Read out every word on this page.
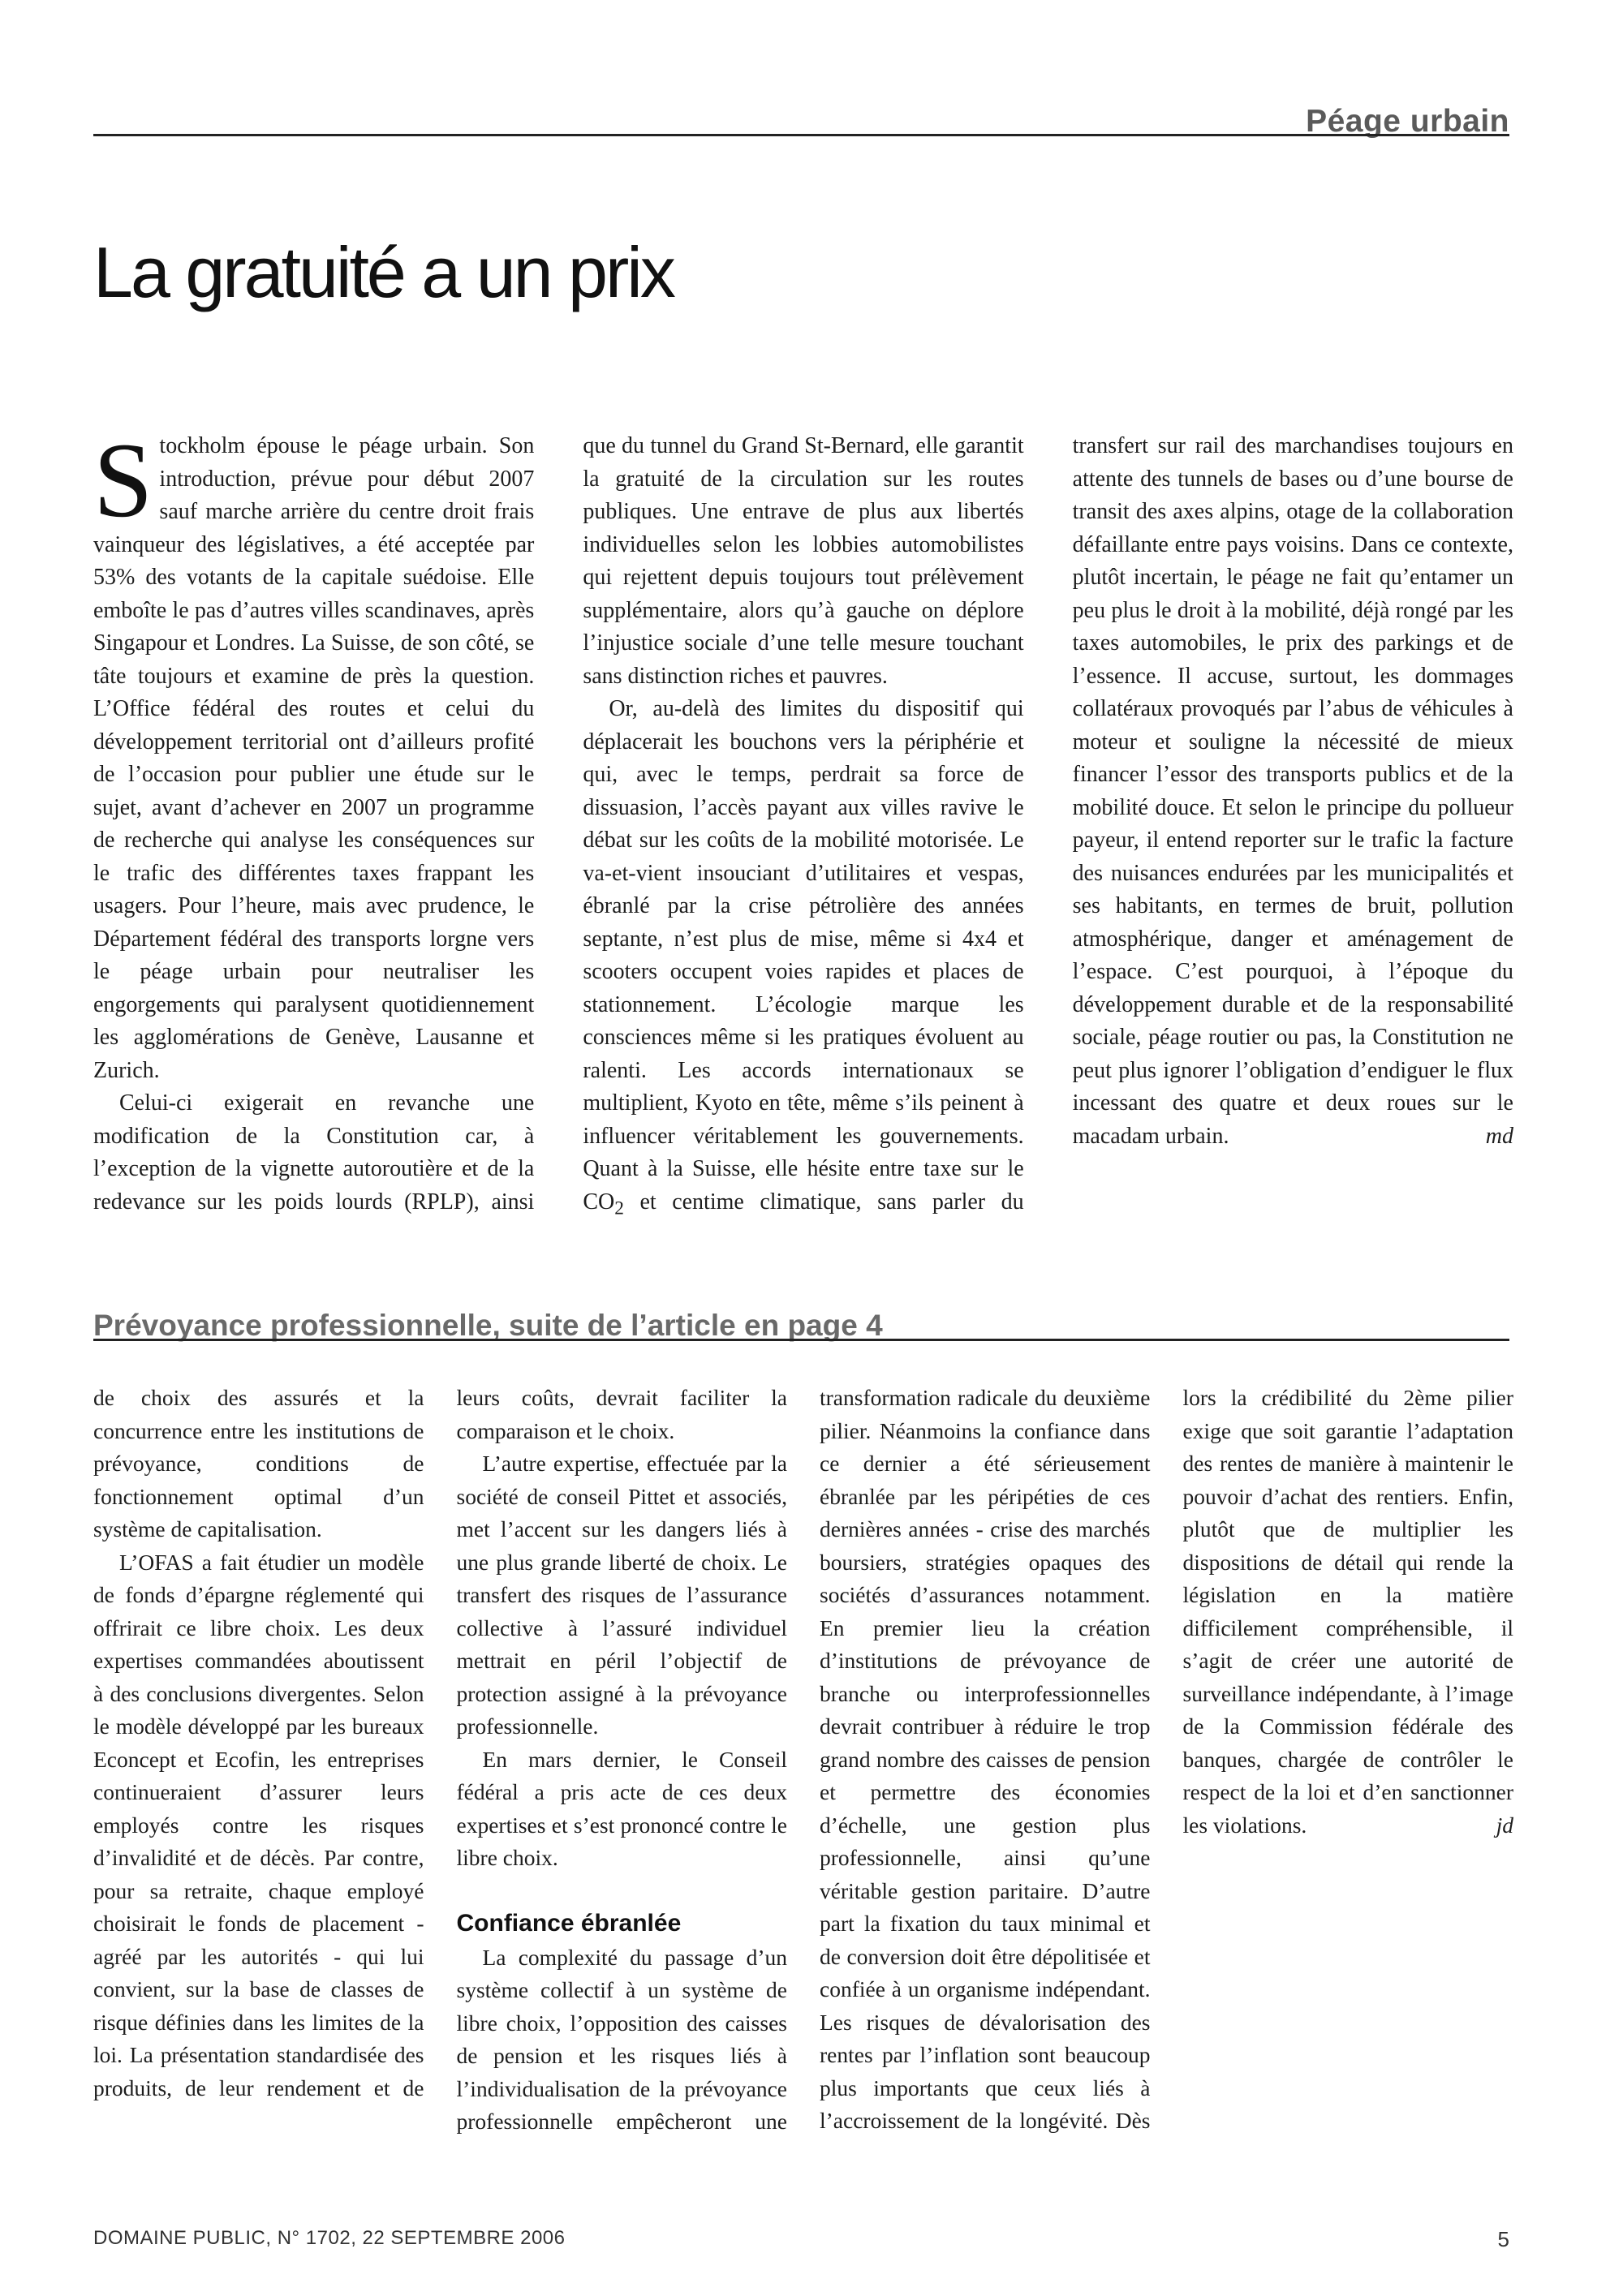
Péage urbain
La gratuité a un prix

Stockholm épouse le péage urbain. Son introduction, prévue pour début 2007 sauf marche arrière du centre droit frais vainqueur des législatives, a été acceptée par 53% des votants de la capitale suédoise. Elle emboîte le pas d’autres villes scandinaves, après Singapour et Londres. La Suisse, de son côté, se tâte toujours et examine de près la question. L’Office fédéral des routes et celui du développement territorial ont d’ailleurs profité de l’occasion pour publier une étude sur le sujet, avant d’achever en 2007 un programme de recherche qui analyse les conséquences sur le trafic des différentes taxes frappant les usagers. Pour l’heure, mais avec prudence, le Département fédéral des transports lorgne vers le péage urbain pour neutraliser les engorgements qui paralysent quotidiennement les agglomérations de Genève, Lausanne et Zurich.

Celui-ci exigerait en revanche une modification de la Constitution car, à l’exception de la vignette autoroutière et de la redevance sur les poids lourds (RPLP), ainsi que du tunnel du Grand St-Bernard, elle garantit la gratuité de la circulation sur les routes publiques. Une entrave de plus aux libertés individuelles selon les lobbies automobilistes qui rejettent depuis toujours tout prélèvement supplémentaire, alors qu’à gauche on déplore l’injustice sociale d’une telle mesure touchant sans distinction riches et pauvres.

Or, au-delà des limites du dispositif qui déplacerait les bouchons vers la périphérie et qui, avec le temps, perdrait sa force de dissuasion, l’accès payant aux villes ravive le débat sur les coûts de la mobilité motorisée. Le va-et-vient insouciant d’utilitaires et vespas, ébranlé par la crise pétrolière des années septante, n’est plus de mise, même si 4x4 et scooters occupent voies rapides et places de stationnement. L’écologie marque les consciences même si les pratiques évoluent au ralenti. Les accords internationaux se multiplient, Kyoto en tête, même s’ils peinent à influencer véritablement les gouvernements. Quant à la Suisse, elle hésite entre taxe sur le $CO_2$ et centime climatique, sans parler du transfert sur rail des marchandises toujours en attente des tunnels de bases ou d’une bourse de transit des axes alpins, otage de la collaboration défaillante entre pays voisins. Dans ce contexte, plutôt incertain, le péage ne fait qu’entamer un peu plus le droit à la mobilité, déjà rongé par les taxes automobiles, le prix des parkings et de l’essence. Il accuse, surtout, les dommages collatéraux provoqués par l’abus de véhicules à moteur et souligne la nécessité de mieux financer l’essor des transports publics et de la mobilité douce. Et selon le principe du pollueur payeur, il entend reporter sur le trafic la facture des nuisances endurées par les municipalités et ses habitants, en termes de bruit, pollution atmosphérique, danger et aménagement de l’espace. C’est pourquoi, à l’époque du développement durable et de la responsabilité sociale, péage routier ou pas, la Constitution ne peut plus ignorer l’obligation d’endiguer le flux incessant des quatre et deux roues sur le macadam urbain.	md

Prévoyance professionnelle, suite de l’article en page 4

de choix des assurés et la concurrence entre les institutions de prévoyance, conditions de fonctionnement optimal d’un système de capitalisation.

L’OFAS a fait étudier un modèle de fonds d’épargne réglementé qui offrirait ce libre choix. Les deux expertises commandées aboutissent à des conclusions divergentes. Selon le modèle développé par les bureaux Econcept et Ecofin, les entreprises continueraient d’assurer leurs employés contre les risques d’invalidité et de décès. Par contre, pour sa retraite, chaque employé choisirait le fonds de placement - agréé par les autorités - qui lui convient, sur la base de classes de risque définies dans les limites de la loi. La présentation standardisée des produits, de leur rendement et de leurs coûts, devrait faciliter la comparaison et le choix.

L’autre expertise, effectuée par la société de conseil Pittet et associés, met l’accent sur les dangers liés à une plus grande liberté de choix. Le transfert des risques de l’assurance collective à l’assuré individuel mettrait en péril l’objectif de protection assigné à la prévoyance professionnelle.

En mars dernier, le Conseil fédéral a pris acte de ces deux expertises et s’est prononcé contre le libre choix.

Confiance ébranlée

La complexité du passage d’un système collectif à un système de libre choix, l’opposition des caisses de pension et les risques liés à l’individualisation de la prévoyance professionnelle empêcheront une transformation radicale du deuxième pilier. Néanmoins la confiance dans ce dernier a été sérieusement ébranlée par les péripéties de ces dernières années - crise des marchés boursiers, stratégies opaques des sociétés d’assurances notamment. En premier lieu la création d’institutions de prévoyance de branche ou interprofessionnelles devrait contribuer à réduire le trop grand nombre des caisses de pension et permettre des économies d’échelle, une gestion plus professionnelle, ainsi qu’une véritable gestion paritaire. D’autre part la fixation du taux minimal et de conversion doit être dépolitisée et confiée à un organisme indépendant. Les risques de dévalorisation des rentes par l’inflation sont beaucoup plus importants que ceux liés à l’accroissement de la longévité. Dès lors la crédibilité du 2ème pilier exige que soit garantie l’adaptation des rentes de manière à maintenir le pouvoir d’achat des rentiers. Enfin, plutôt que de multiplier les dispositions de détail qui rende la législation en la matière difficilement compréhensible, il s’agit de créer une autorité de surveillance indépendante, à l’image de la Commission fédérale des banques, chargée de contrôler le respect de la loi et d’en sanctionner les violations.	jd

DOMAINE PUBLIC, N° 1702, 22 SEPTEMBRE 2006	5
